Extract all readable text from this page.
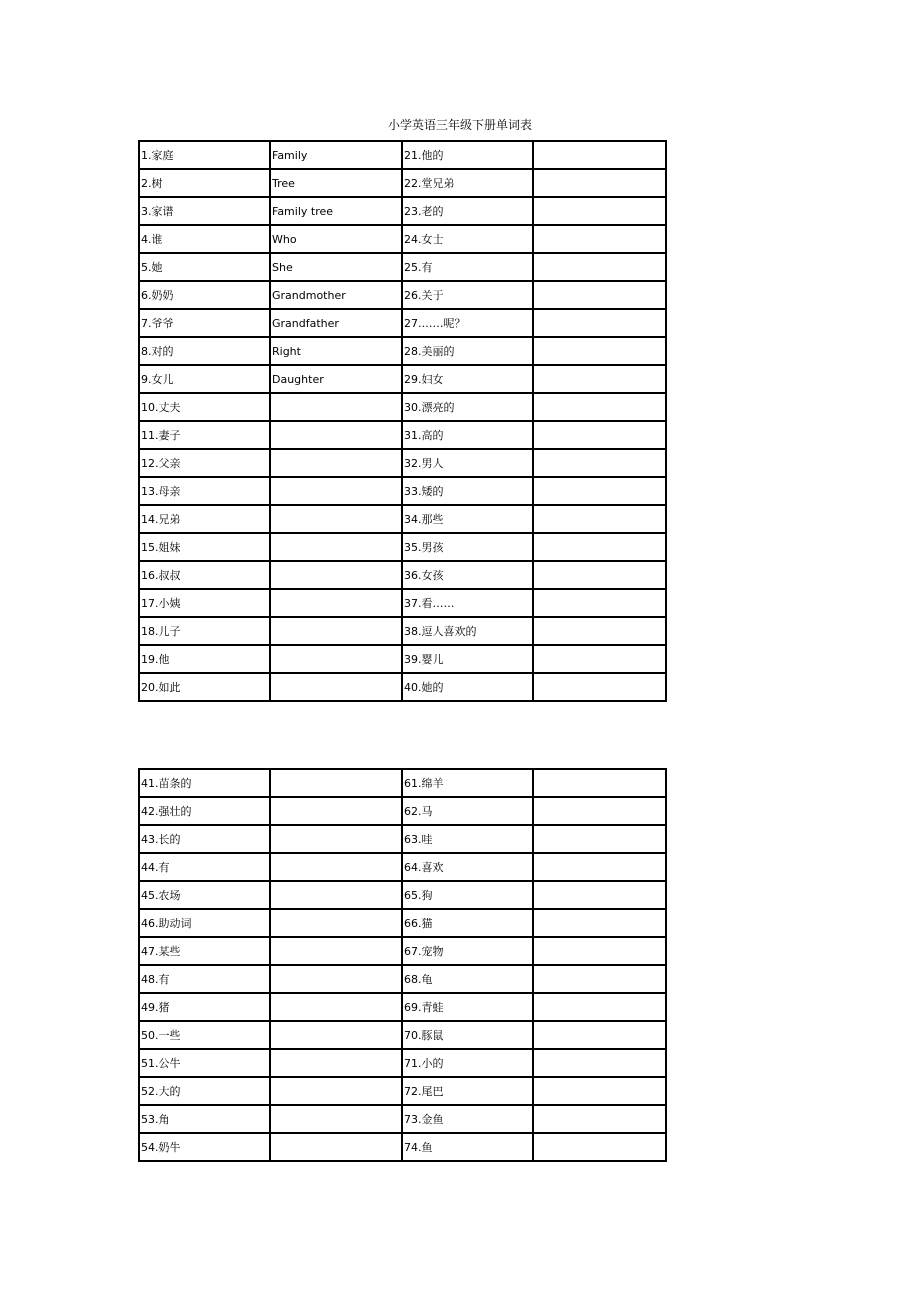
小学英语三年级下册单词表
1.家庭	Family	21.他的	
2.树	Tree	22.堂兄弟	
3.家谱	Family tree	23.老的	
4.谁	Who	24.女士	
5.她	She	25.有	
6.奶奶	Grandmother	26.关于	
7.爷爷	Grandfather	27.……呢？	
8.对的	Right	28.美丽的	
9.女儿	Daughter	29.妇女	
10.丈夫		30.漂亮的	
11.妻子		31.高的	
12.父亲		32.男人	
13.母亲		33.矮的	
14.兄弟		34.那些	
15.姐妹		35.男孩	
16.叔叔		36.女孩	
17.小姨		37.看……	
18.儿子		38.逗人喜欢的	
19.他		39.婴儿	
20.如此		40.她的	
41.苗条的		61.绵羊	
42.强壮的		62.马	
43.长的		63.哇	
44.有		64.喜欢	
45.农场		65.狗	
46.助动词		66.猫	
47.某些		67.宠物	
48.有		68.龟	
49.猪		69.青蛙	
50.一些		70.豚鼠	
51.公牛		71.小的	
52.大的		72.尾巴	
53.角		73.金鱼	
54.奶牛		74.鱼	
